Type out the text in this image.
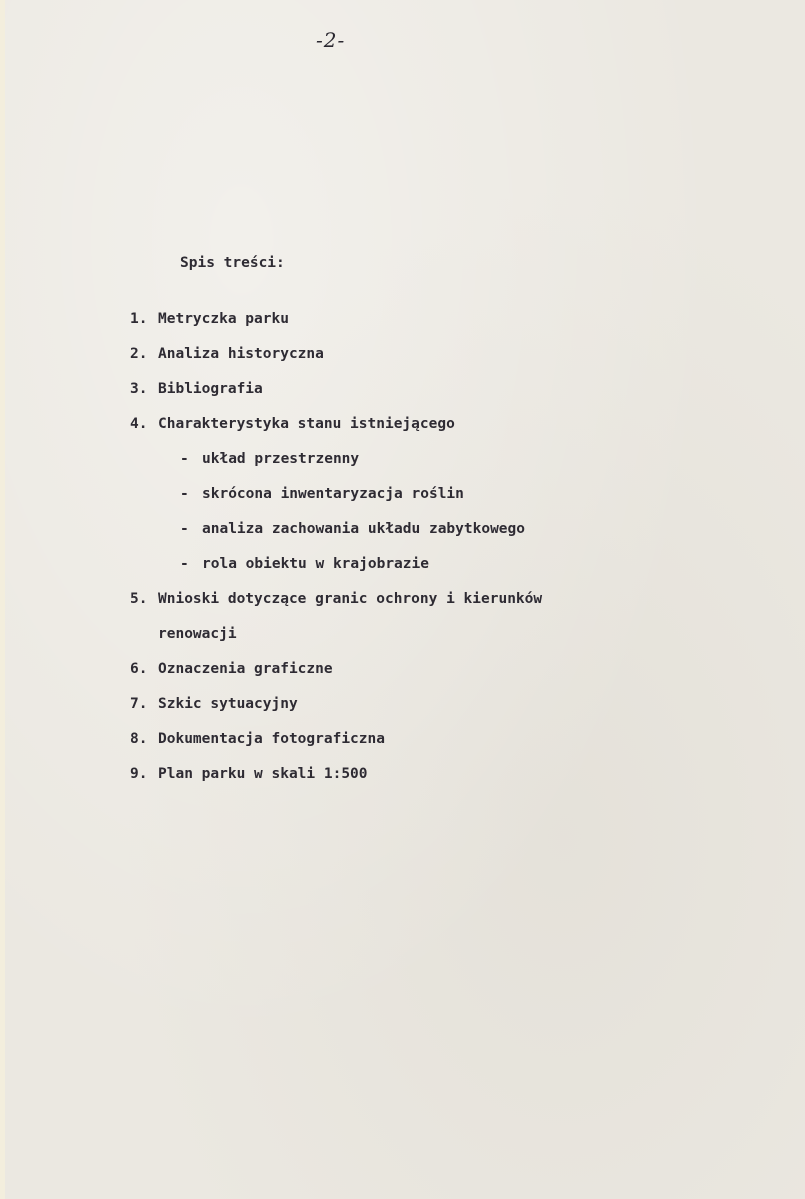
-2-
Spis treści:
1. Metryczka parku
2. Analiza historyczna
3. Bibliografia
4. Charakterystyka stanu istniejącego
- układ przestrzenny
- skrócona inwentaryzacja roślin
- analiza zachowania układu zabytkowego
- rola obiektu w krajobrazie
5. Wnioski dotyczące granic ochrony i kierunków
renowacji
6. Oznaczenia graficzne
7. Szkic sytuacyjny
8. Dokumentacja fotograficzna
9. Plan parku w skali 1:500
